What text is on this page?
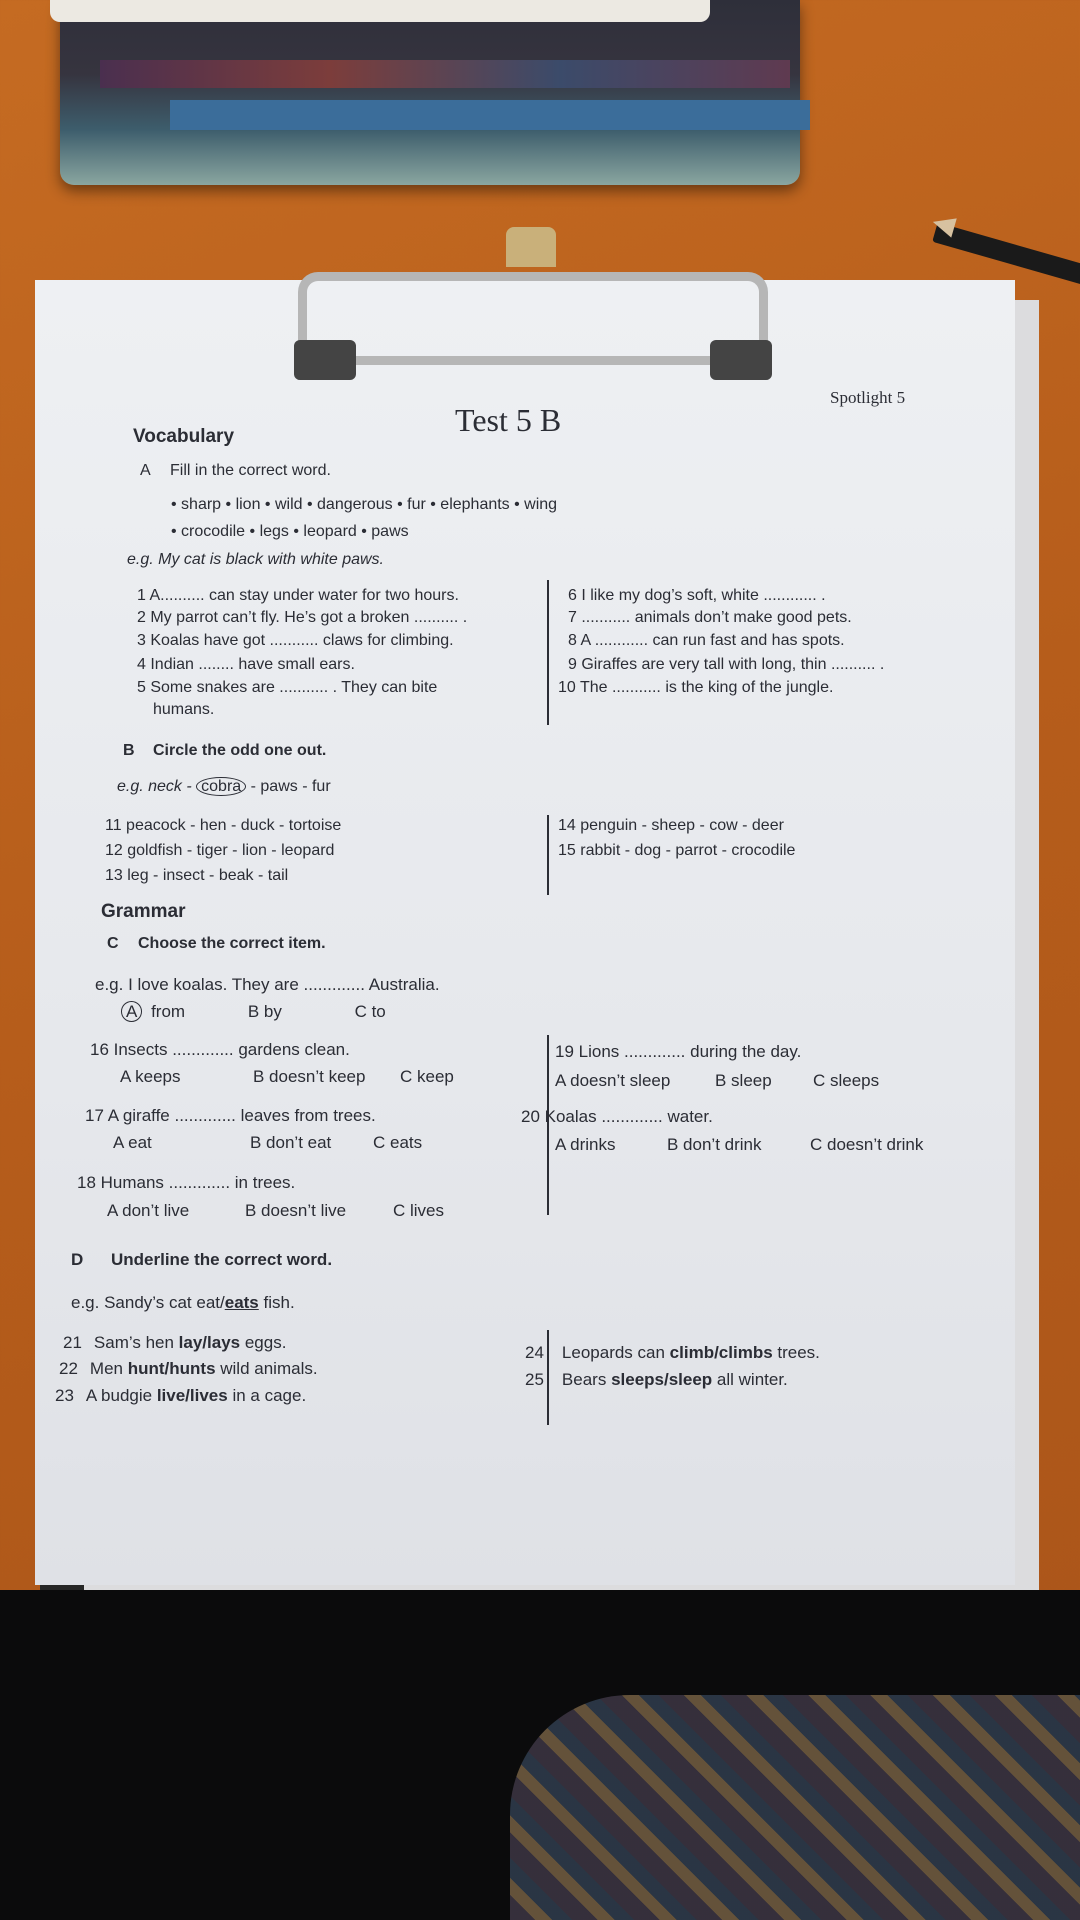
Test 5 B
Spotlight 5
Vocabulary
A Fill in the correct word.
• sharp • lion • wild • dangerous • fur • elephants • wing
• crocodile • legs • leopard • paws
e.g. My cat is black with white paws.
1 A.......... can stay under water for two hours.
2 My parrot can’t fly. He’s got a broken .......... .
3 Koalas have got ........... claws for climbing.
4 Indian ........ have small ears.
5 Some snakes are ........... . They can bite
humans.
6 I like my dog’s soft, white ............ .
7 ........... animals don’t make good pets.
8 A ............ can run fast and has spots.
9 Giraffes are very tall with long, thin .......... .
10 The ........... is the king of the jungle.
B Circle the odd one out.
e.g. neck - cobra - paws - fur
11 peacock - hen - duck - tortoise
12 goldfish - tiger - lion - leopard
13 leg - insect - beak - tail
14 penguin - sheep - cow - deer
15 rabbit - dog - parrot - crocodile
Grammar
C Choose the correct item.
e.g. I love koalas. They are ............. Australia.
A from	B by	C to
16 Insects ............. gardens clean.
A keeps	B doesn’t keep C keep
17 A giraffe ............. leaves from trees.
A eat	B don’t eat C eats
18 Humans ............. in trees.
A don’t live	B doesn’t live	C lives
19 Lions ............. during the day.
A doesn’t sleep	B sleep C sleeps
20 Koalas ............. water.
A drinks	B don’t drink	C doesn’t drink
D Underline the correct word.
e.g. Sandy’s cat eat/eats fish.
21 Sam’s hen lay/lays eggs.
22 Men hunt/hunts wild animals.
23 A budgie live/lives in a cage.
24 Leopards can climb/climbs trees.
25 Bears sleeps/sleep all winter.
